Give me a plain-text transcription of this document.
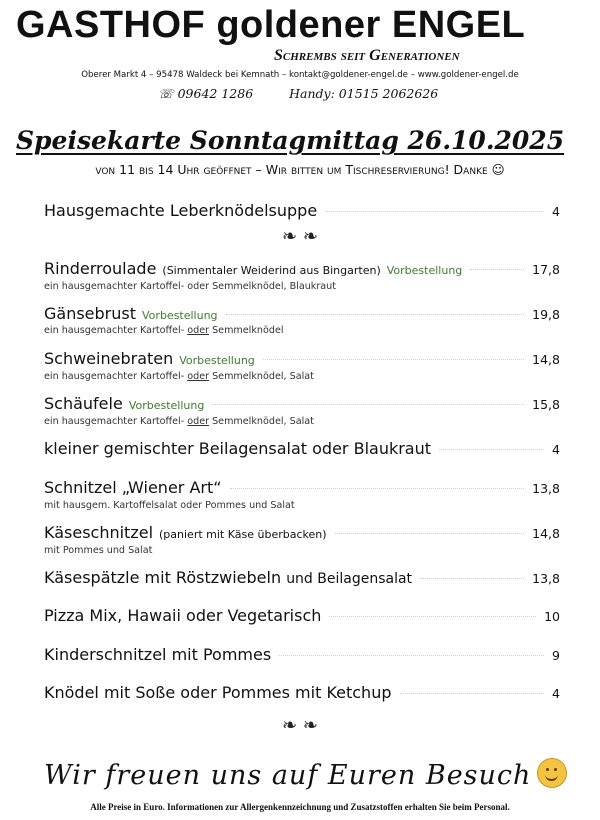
GASTHOF goldener ENGEL
Schrembs seit Generationen
Oberer Markt 4 – 95478 Waldeck bei Kemnath – kontakt@goldener-engel.de – www.goldener-engel.de
☏ 09642 1286	Handy: 01515 2062626
Speisekarte Sonntagmittag 26.10.2025
von 11 bis 14 Uhr geöffnet – Wir bitten um Tischreservierung! Danke ☺
Hausgemachte Leberknödelsuppe	4
❧ ❧
Rinderroulade (Simmentaler Weiderind aus Bingarten) Vorbestellung	17,8
ein hausgemachter Kartoffel- oder Semmelknödel, Blaukraut
Gänsebrust Vorbestellung	19,8
ein hausgemachter Kartoffel- oder Semmelknödel
Schweinebraten Vorbestellung	14,8
ein hausgemachter Kartoffel- oder Semmelknödel, Salat
Schäufele Vorbestellung	15,8
ein hausgemachter Kartoffel- oder Semmelknödel, Salat
kleiner gemischter Beilagensalat oder Blaukraut	4
Schnitzel „Wiener Art“	13,8
mit hausgem. Kartoffelsalat oder Pommes und Salat
Käseschnitzel (paniert mit Käse überbacken)	14,8
mit Pommes und Salat
Käsespätzle mit Röstzwiebeln und Beilagensalat	13,8
Pizza Mix, Hawaii oder Vegetarisch	10
Kinderschnitzel mit Pommes	9
Knödel mit Soße oder Pommes mit Ketchup	4
❧ ❧
Wir freuen uns auf Euren Besuch
Alle Preise in Euro. Informationen zur Allergenkennzeichnung und Zusatzstoffen erhalten Sie beim Personal.
